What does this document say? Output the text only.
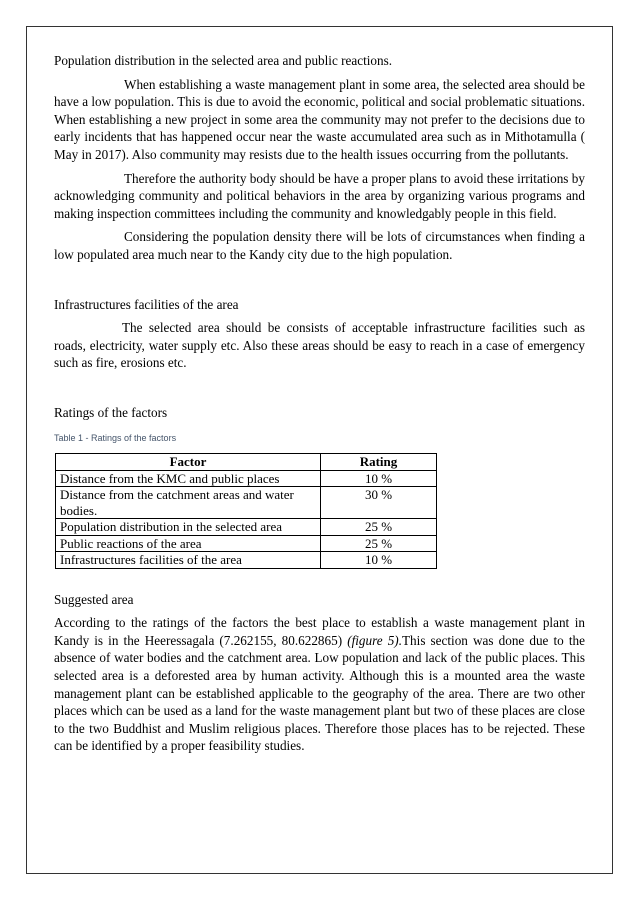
Population distribution in the selected area and public reactions.

When establishing a waste management plant in some area, the selected area should be have a low population. This is due to avoid the economic, political and social problematic situations. When establishing a new project in some area the community may not prefer to the decisions due to early incidents that has happened occur near the waste accumulated area such as in Mithotamulla ( May in 2017). Also community may resists due to the health issues occurring from the pollutants.

Therefore the authority body should be have a proper plans to avoid these irritations by acknowledging community and political behaviors in the area by organizing various programs and making inspection committees including the community and knowledgably people in this field.

Considering the population density there will be lots of circumstances when finding a low populated area much near to the Kandy city due to the high population.

Infrastructures facilities of the area

The selected area should be consists of acceptable infrastructure facilities such as roads, electricity, water supply etc. Also these areas should be easy to reach in a case of emergency such as fire, erosions etc.

Ratings of the factors

Table 1 - Ratings of the factors

Factor	Rating
Distance from the KMC and public places	10 %
Distance from the catchment areas and water bodies.	30 %
Population distribution in the selected area	25 %
Public reactions of the area	25 %
Infrastructures facilities of the area	10 %

Suggested area

According to the ratings of the factors the best place to establish a waste management plant in Kandy is in the Heeressagala (7.262155, 80.622865) (figure 5).This section was done due to the absence of water bodies and the catchment area. Low population and lack of the public places. This selected area is a deforested area by human activity. Although this is a mounted area the waste management plant can be established applicable to the geography of the area. There are two other places which can be used as a land for the waste management plant but two of these places are close to the two Buddhist and Muslim religious places. Therefore those places has to be rejected. These can be identified by a proper feasibility studies.
